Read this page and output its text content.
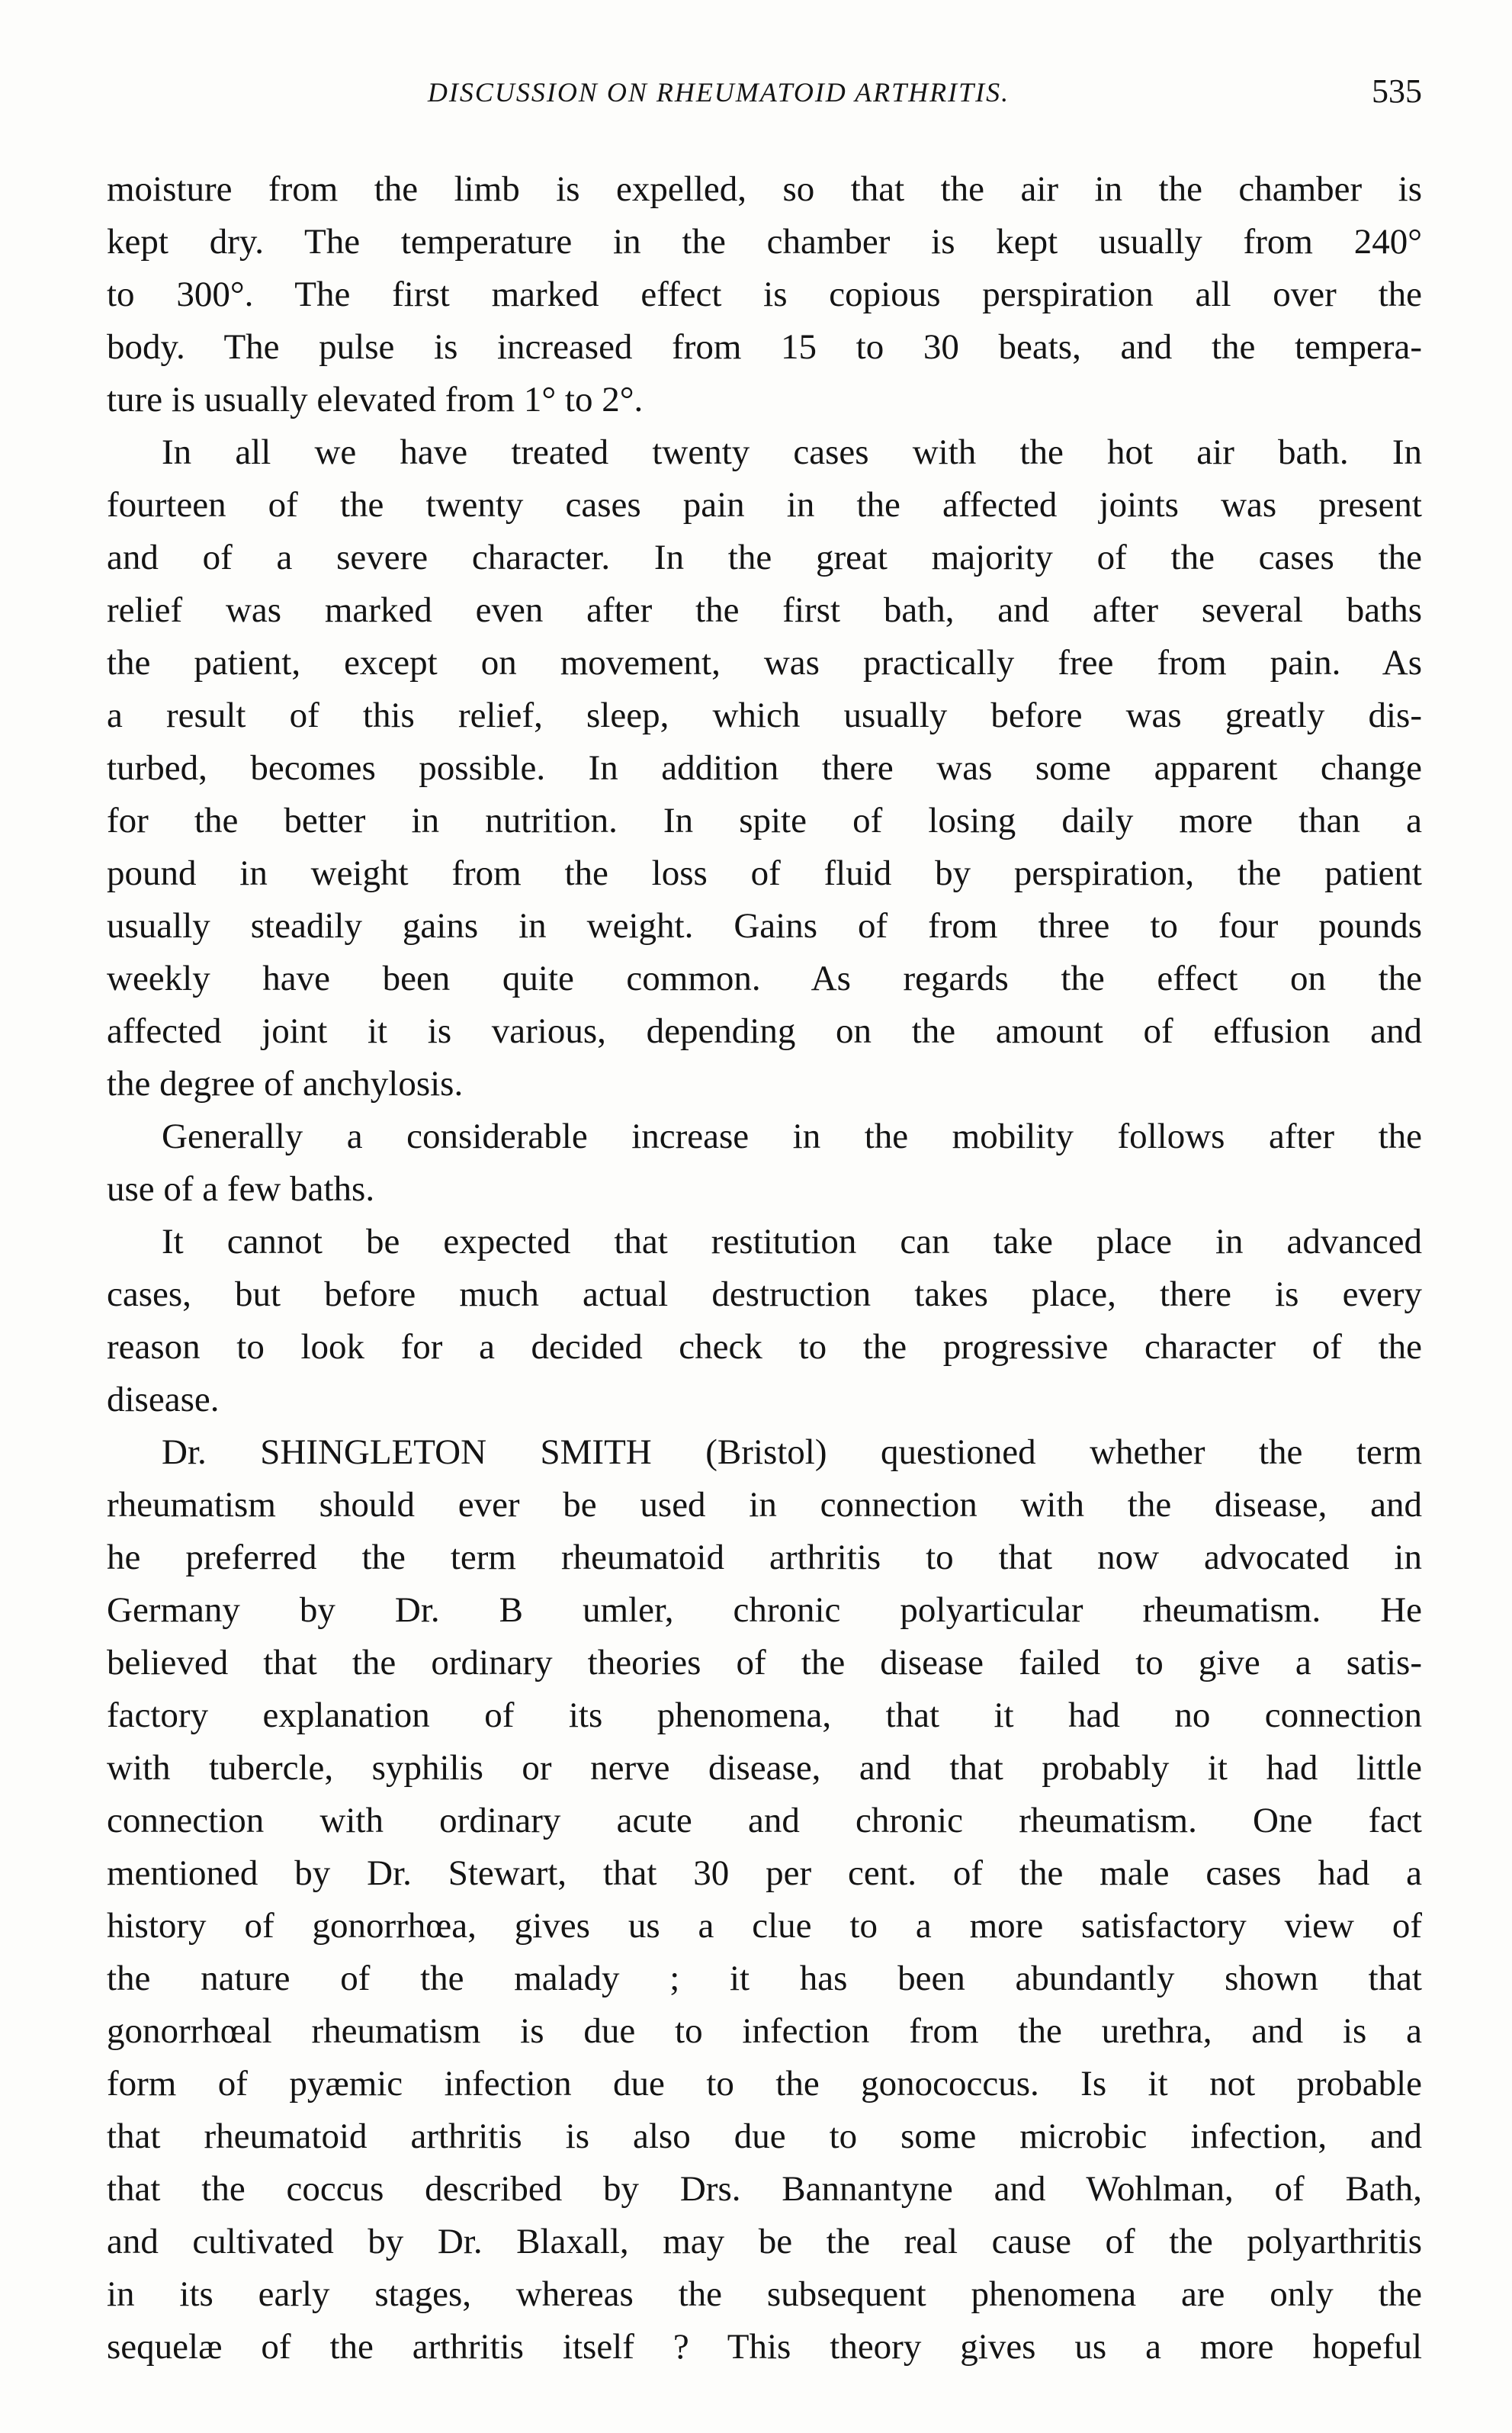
DISCUSSION ON RHEUMATOID ARTHRITIS.	535
moisture from the limb is expelled, so that the air in the chamber is
kept dry. The temperature in the chamber is kept usually from 240°
to 300°. The first marked effect is copious perspiration all over the
body. The pulse is increased from 15 to 30 beats, and the tempera-
ture is usually elevated from 1° to 2°.
In all we have treated twenty cases with the hot air bath. In
fourteen of the twenty cases pain in the affected joints was present
and of a severe character. In the great majority of the cases the
relief was marked even after the first bath, and after several baths
the patient, except on movement, was practically free from pain. As
a result of this relief, sleep, which usually before was greatly dis-
turbed, becomes possible. In addition there was some apparent change
for the better in nutrition. In spite of losing daily more than a
pound in weight from the loss of fluid by perspiration, the patient
usually steadily gains in weight. Gains of from three to four pounds
weekly have been quite common. As regards the effect on the
affected joint it is various, depending on the amount of effusion and
the degree of anchylosis.
Generally a considerable increase in the mobility follows after the
use of a few baths.
It cannot be expected that restitution can take place in advanced
cases, but before much actual destruction takes place, there is every
reason to look for a decided check to the progressive character of the
disease.
Dr. SHINGLETON SMITH (Bristol) questioned whether the term
rheumatism should ever be used in connection with the disease, and
he preferred the term rheumatoid arthritis to that now advocated in
Germany by Dr. B umler, chronic polyarticular rheumatism. He
believed that the ordinary theories of the disease failed to give a satis-
factory explanation of its phenomena, that it had no connection
with tubercle, syphilis or nerve disease, and that probably it had little
connection with ordinary acute and chronic rheumatism. One fact
mentioned by Dr. Stewart, that 30 per cent. of the male cases had a
history of gonorrhœa, gives us a clue to a more satisfactory view of
the nature of the malady ; it has been abundantly shown that
gonorrhœal rheumatism is due to infection from the urethra, and is a
form of pyæmic infection due to the gonococcus. Is it not probable
that rheumatoid arthritis is also due to some microbic infection, and
that the coccus described by Drs. Bannantyne and Wohlman, of Bath,
and cultivated by Dr. Blaxall, may be the real cause of the polyarthritis
in its early stages, whereas the subsequent phenomena are only the
sequelæ of the arthritis itself ? This theory gives us a more hopeful
